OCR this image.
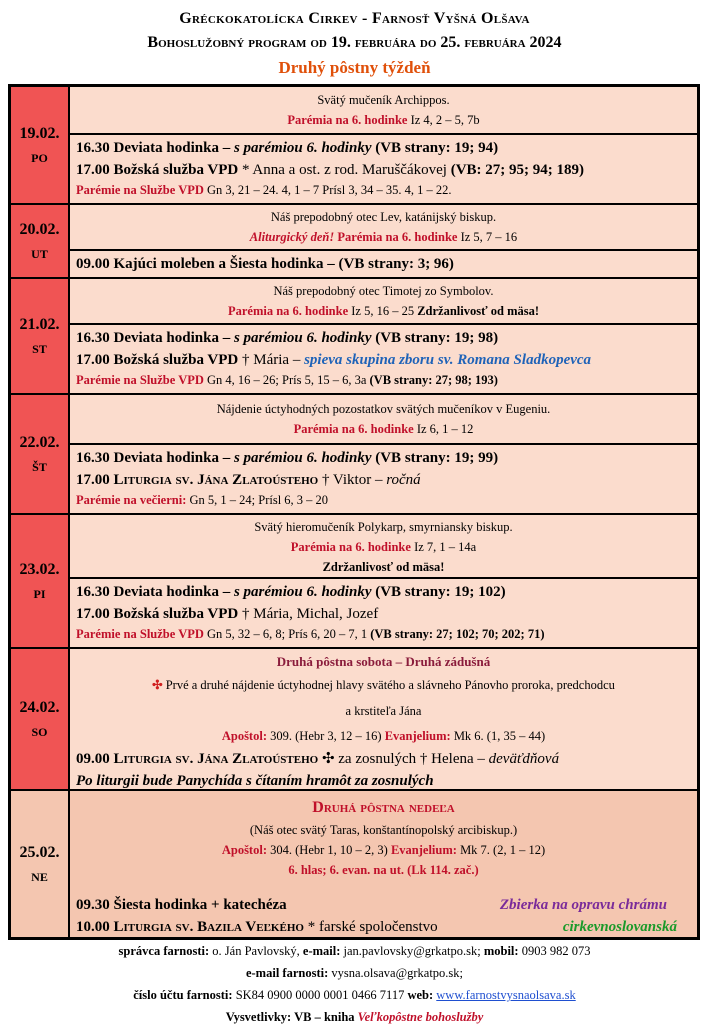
Gréckokatolícka Cirkev - Farnosť Vyšná Olšava
Bohoslužobný program od 19. februára do 25. februára 2024
Druhý pôstny týždeň
19.02.
PO
Svätý mučeník Archippos.
Parémia na 6. hodinke Iz 4, 2 – 5, 7b
16.30 Deviata hodinka – s parémiou 6. hodinky (VB strany: 19; 94)
17.00 Božská služba VPD * Anna a ost. z rod. Maruščákovej (VB: 27; 95; 94; 189)
Parémie na Službe VPD Gn 3, 21 – 24. 4, 1 – 7 Prísl 3, 34 – 35. 4, 1 – 22.
20.02.
UT
Náš prepodobný otec Lev, katánijský biskup.
Aliturgický deň! Parémia na 6. hodinke Iz 5, 7 – 16
09.00 Kajúci moleben a Šiesta hodinka – (VB strany: 3; 96)
21.02.
ST
Náš prepodobný otec Timotej zo Symbolov.
Parémia na 6. hodinke Iz 5, 16 – 25 Zdržanlivosť od mäsa!
16.30 Deviata hodinka – s parémiou 6. hodinky (VB strany: 19; 98)
17.00 Božská služba VPD † Mária – spieva skupina zboru sv. Romana Sladkopevca
Parémie na Službe VPD Gn 4, 16 – 26; Prís 5, 15 – 6, 3a (VB strany: 27; 98; 193)
22.02.
ŠT
Nájdenie úctyhodných pozostatkov svätých mučeníkov v Eugeniu.
Parémia na 6. hodinke Iz 6, 1 – 12
16.30 Deviata hodinka – s parémiou 6. hodinky (VB strany: 19; 99)
17.00 Liturgia sv. Jána Zlatoústeho † Viktor – ročná
Parémie na večierni: Gn 5, 1 – 24; Prísl 6, 3 – 20
23.02.
PI
Svätý hieromučeník Polykarp, smyrniansky biskup.
Parémia na 6. hodinke Iz 7, 1 – 14a
Zdržanlivosť od mäsa!
16.30 Deviata hodinka – s parémiou 6. hodinky (VB strany: 19; 102)
17.00 Božská služba VPD † Mária, Michal, Jozef
Parémie na Službe VPD Gn 5, 32 – 6, 8; Prís 6, 20 – 7, 1 (VB strany: 27; 102; 70; 202; 71)
24.02.
SO
Druhá pôstna sobota – Druhá zádušná
✣ Prvé a druhé nájdenie úctyhodnej hlavy svätého a slávneho Pánovho proroka, predchodcu
a krstiteľa Jána
Apoštol: 309. (Hebr 3, 12 – 16) Evanjelium: Mk 6. (1, 35 – 44)
09.00 Liturgia sv. Jána Zlatoústeho ✣ za zosnulých † Helena – deväťdňová
Po liturgii bude Panychída s čítaním hramôt za zosnulých
25.02.
NE
Druhá pôstna nedeľa
(Náš otec svätý Taras, konštantínopolský arcibiskup.)
Apoštol: 304. (Hebr 1, 10 – 2, 3) Evanjelium: Mk 7. (2, 1 – 12)
6. hlas; 6. evan. na ut. (Lk 114. zač.)
09.30 Šiesta hodinka + katechéza	Zbierka na opravu chrámu
10.00 Liturgia sv. Bazila Veľkého * farské spoločenstvo	cirkevnoslovanská
správca farnosti: o. Ján Pavlovský, e-mail: jan.pavlovsky@grkatpo.sk; mobil: 0903 982 073
e-mail farnosti: vysna.olsava@grkatpo.sk;
číslo účtu farnosti: SK84 0900 0000 0001 0466 7117 web: www.farnostvysnaolsava.sk
Vysvetlivky: VB – kniha Veľkopôstne bohoslužby
